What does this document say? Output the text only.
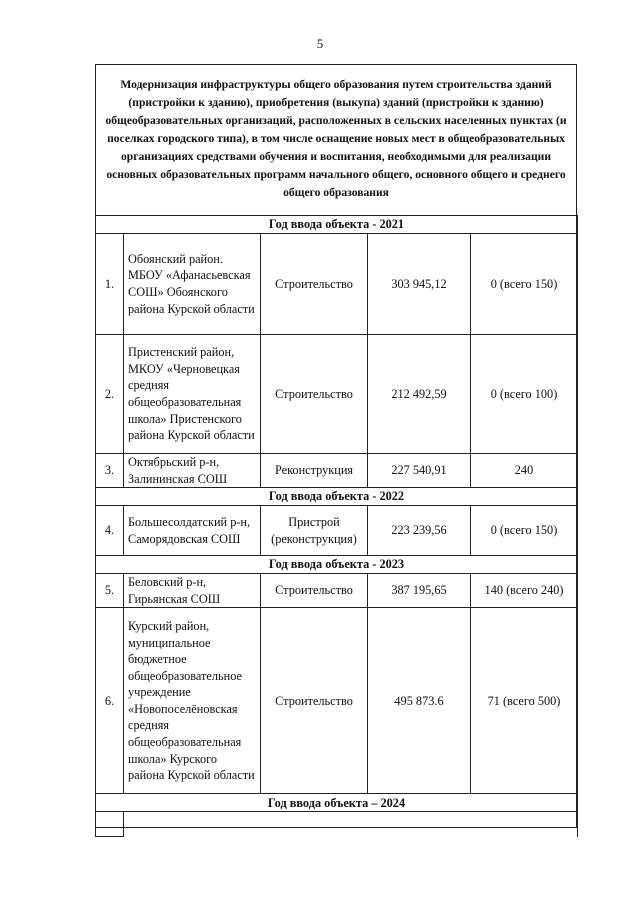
5
Модернизация инфраструктуры общего образования путем строительства зданий (пристройки к зданию), приобретения (выкупа) зданий (пристройки к зданию) общеобразовательных организаций, расположенных в сельских населенных пунктах (и поселках городского типа), в том числе оснащение новых мест в общеобразовательных организациях средствами обучения и воспитания, необходимыми для реализации основных образовательных программ начального общего, основного общего и среднего общего образования
Год ввода объекта - 2021				
1.	Обоянский район. МБОУ «Афанасьевская СОШ» Обоянского района Курской области	Строительство	303 945,12	0 (всего 150)
2.	Пристенский район, МКОУ «Черновецкая средняя общеобразовательная школа» Пристенского района Курской области	Строительство	212 492,59	0 (всего 100)
3.	Октябрьский р-н, Залининская СОШ	Реконструкция	227 540,91	240
Год ввода объекта - 2022				
4.	Большесолдатский р-н, Саморядовская СОШ	Пристрой (реконструкция)	223 239,56	0 (всего 150)
Год ввода объекта - 2023				
5.	Беловский р-н, Гирьянская СОШ	Строительство	387 195,65	140 (всего 240)
6.	Курский район, муниципальное бюджетное общеобразовательное учреждение «Новопоселёновская средняя общеобразовательная школа» Курского района Курской области	Строительство	495 873.6	71 (всего 500)
Год ввода объекта – 2024				
